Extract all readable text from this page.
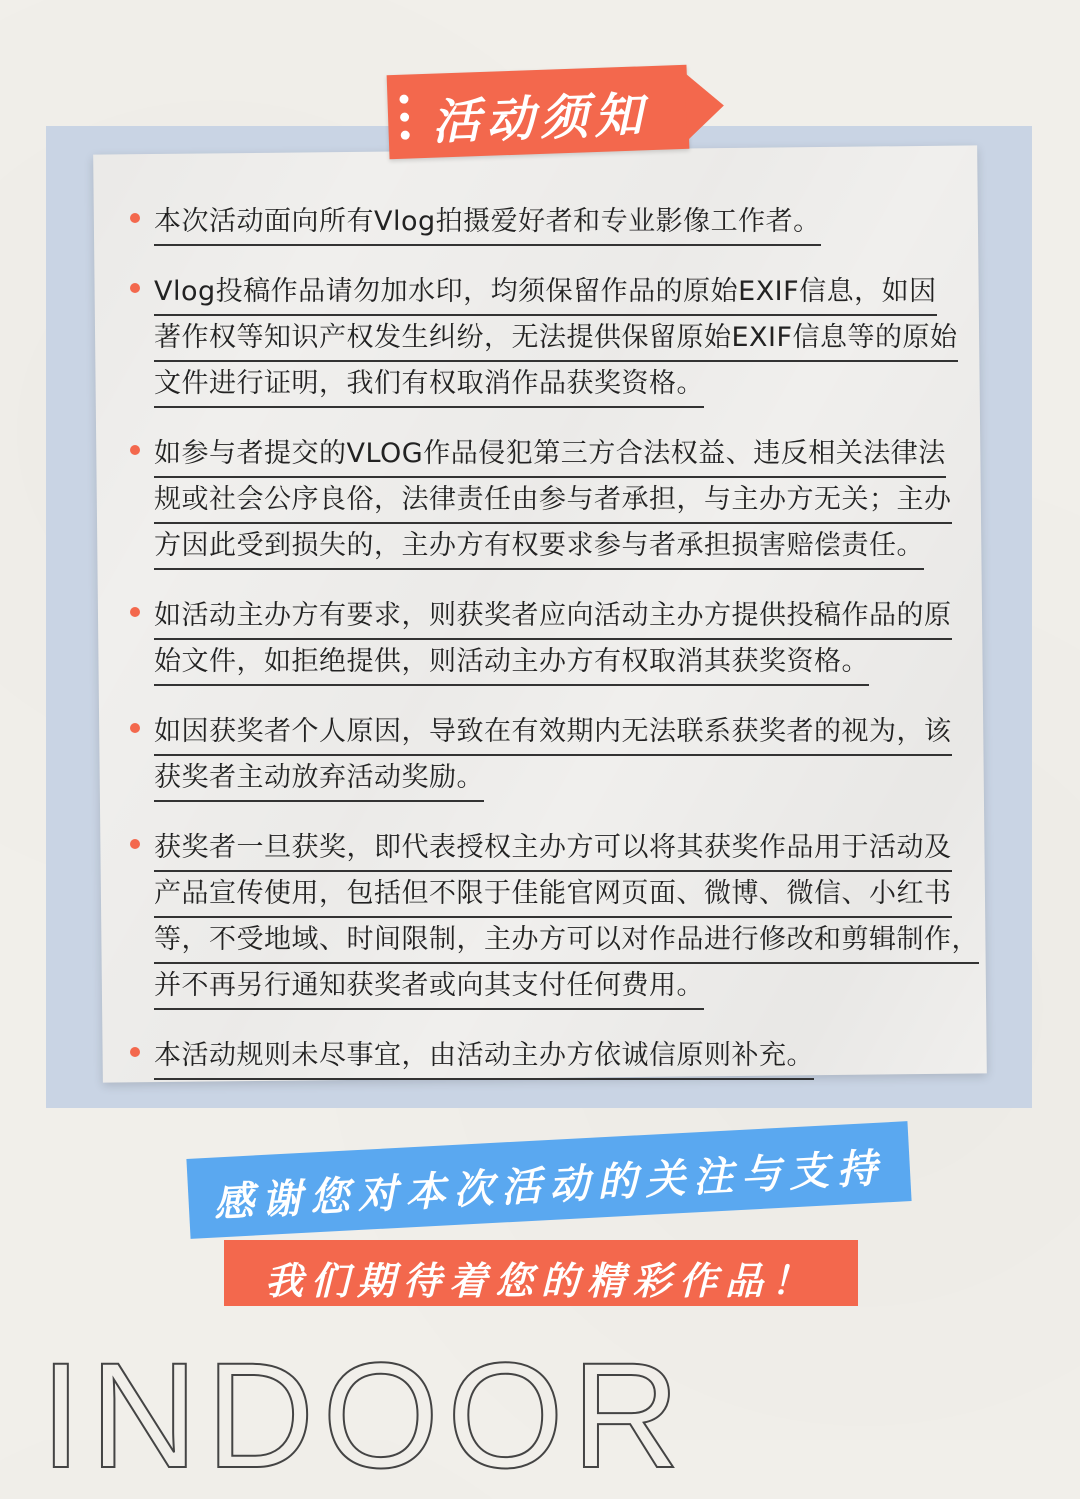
活动须知
本次活动面向所有Vlog拍摄爱好者和专业影像工作者。
Vlog投稿作品请勿加水印，均须保留作品的原始EXIF信息，如因
著作权等知识产权发生纠纷，无法提供保留原始EXIF信息等的原始
文件进行证明，我们有权取消作品获奖资格。
如参与者提交的VLOG作品侵犯第三方合法权益、违反相关法律法
规或社会公序良俗，法律责任由参与者承担，与主办方无关；主办
方因此受到损失的，主办方有权要求参与者承担损害赔偿责任。
如活动主办方有要求，则获奖者应向活动主办方提供投稿作品的原
始文件，如拒绝提供，则活动主办方有权取消其获奖资格。
如因获奖者个人原因，导致在有效期内无法联系获奖者的视为，该
获奖者主动放弃活动奖励。
获奖者一旦获奖，即代表授权主办方可以将其获奖作品用于活动及
产品宣传使用，包括但不限于佳能官网页面、微博、微信、小红书
等，不受地域、时间限制，主办方可以对作品进行修改和剪辑制作，
并不再另行通知获奖者或向其支付任何费用。
本活动规则未尽事宜，由活动主办方依诚信原则补充。
感谢您对本次活动的关注与支持
我们期待着您的精彩作品！
INDOOR
